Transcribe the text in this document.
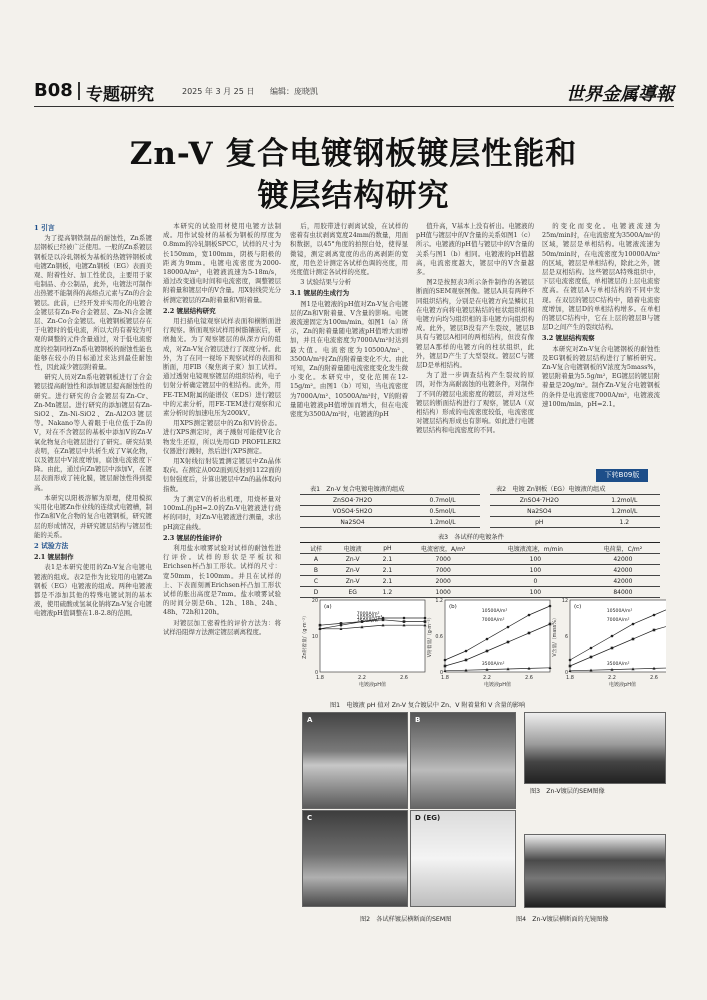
B08 专题研究	2025 年 3 月 25 日 编辑：庞晓凯	世界金属導報
Zn-V 复合电镀钢板镀层性能和
镀层结构研究
1 引言

为了提高钢铁制品的耐蚀性，Zn系镀层钢板已经被广泛使用。一般的Zn系镀层钢板是以冷轧钢板为基板的热镀锌钢板或电镀Zn钢板，电镀Zn钢板（EG）表面美观、附着性好、加工性优良，主要用于家电制品、办公制品，此外，电镀法可制作出热镀不能制得的高熔点元素与Zn的合金镀层。此前，已经开发并实用化的电镀合金镀层有Zn-Fe合金镀层、Zn-Ni合金镀层、Zn-Co合金镀层。电镀钢板镀层存在于电镀时的低电流，所以大的有着较为可观的调整的元件含量通过，对于低电流密度的控制同样Zn系电镀钢板的耐蚀性能也能够在较小的目标通过来达到最佳耐蚀性，因此减少镀层附着量。

研究人员对Zn系电镀钢板进行了合金镀层提高耐蚀性和添加镀层提高耐蚀性的研究。进行研究的合金镀层有Zn-Cr、Zn-Mn镀层。进行研究的添加镀层有Zn-SiO2、Zn-Ni-SiO2、Zn-Al2O3镀层等。Nakano等人着眼于电位低于Zn的V，对在不含镀层的基板中添加V的Zn-V氧化物复合电镀层进行了研究。研究结果表明，在Zn镀层中共析生成了V氧化物，以及镀层中V浓度增加，腐蚀电流密度下降。由此，通过向Zn镀层中添加V，在镀层表面形成了钝化膜，镀层耐蚀性得到提高。

本研究以阳极溶解为原理，使用模拟实用化电镀Zn作业线的连续式电镀槽，制作Zn和V化合物的复合电镀钢板，研究镀层的形成情况，并研究镀层结构与镀层性能的关系。

2 试验方法
2.1 镀层制作

表1是本研究使用的Zn-V复合电镀电镀液的组成。表2是作为比较用的电镀Zn钢板（EG）电镀液的组成。两种电镀液都是不添加其他的特殊电镀试剂的基本液，使用硫酸或氢氧化钠将Zn-V复合电镀电镀液pH值调整在1.8-2.8的范围。

本研究的试验用材使用电镀方法制成。用作试验材的基板为钢板的厚度为0.8mm的冷轧钢板SPCC，试样的尺寸为长150mm，宽100mm，阴极与阳极的距离为9mm。电镀电流密度为2000-18000A/m²，电镀液流速为5-18m/s，通过改变通电时间和电流密度，调整镀层附着量和镀层中的V含量。用X射线荧光分析测定镀层的Zn附着量和V附着量。

2.2 镀层结构研究

用扫描电镜观察试样表面和横断面进行观察。断面观察试样用树脂镶嵌后，研磨抛光。为了观察镀层的纵深方向的组成，对Zn-V复合镀层进行了深度分析。此外，为了在同一视场下观察试样的表面和断面，用FIB（聚焦离子束）加工试样。通过透射电镜观察镀层的组织结构，电子衍射分析确定镀层中的相结构。此外，用FE-TEM附属的能谱仪（EDS）进行镀层中的元素分析，用FE-TEM进行观察和元素分析时的加速电压为200kV。

用XPS测定镀层中的Zn和V的价态。进行XPS测定时，离子溅射可能使V化合物发生还原，所以先用GD PROFILER2仪器进行溅射，然后进行XPS测定。

用X射线衍射装置测定镀层中Zn晶体取向。在测定从002面到反射到1122面的衍射强度后，计算出镀层中Zn的晶体取向指数。

为了测定V的析出机理，用烧杯量对100mL的pH=2.0的Zn-V电镀液进行烧杯的同时，对Zn-V电镀液进行测量，求出pH滴定曲线。

2.3 镀层的性能评价

利用盐水喷雾试验对试样的耐蚀性进行评价。试样的形状是平板状和Erichsen杯凸加工形状。试样的尺寸：宽50mm，长100mm。并且在试样的上、下表面刻画Erichsen杯凸加工形状试样的胀出高度是7mm。盐水喷雾试验的时间分别是6h、12h、18h、24h、48h、72h和120h。

对镀层加工密着性的评价方法为：将试样沿阻焊方法测定镀层剥离程度。

后，用胶带进行剥离试验，在试样的密着有虫状剥离宽度24mm的数量，用面积数据，以45°角度的拍照白处，使得显微镜，测定剥离宽度的出的离剥距的宽度，用色差计测定各试样色调的亮度，用亮度值计测定各试样的亮度。

3 试验结果与分析

3.1 镀层的生成行为

图1是电镀液的pH值对Zn-V复合电镀层的Zn和V附着量、V含量的影响。电镀液流速固定为100m/min。如图1（a）所示，Zn的附着量随电镀液pH值增大而增加，并且在电流密度为7000A/m²时达到最大值。电流密度为10500A/m²、3500A/m²时Zn的附着量变化不大。由此可知，Zn的附着量随电流密度变化发生微小变化。本研究中，变化范围在12-15g/m²。由图1（b）可知，当电流密度为7000A/m²、10500A/m²时，V的附着量随电镀液pH值增加而增大，但在电流密度为3500A/m²时，电镀液的pH

值升高，V基本上没有析出。电镀液的pH值与镀层中的V含量的关系如图1（c）所示。电镀液的pH值与镀层中的V含量的关系与图1（b）相同。电镀液的pH值越高，电流密度越大，镀层中的V含量越多。

图2是按照表3所示条件制作的各镀层断面的SEM观察图像。镀层A具有两种不同组织结构，分别是在电镀方向呈鳞状且在电镀方向将电镀层粘结的柱状组织相和电镀方向均匀组织相的非电镀方向组织构成。此外，镀层B没有产生裂纹，镀层B具有与镀层A相同的两相结构，但没有像镀层A那样的电镀方向的柱状组织，此外，镀层D产生了大型裂纹。镀层C与镀层D是单相结构。

为了进一步调查结构产生裂纹的原因，对作为高耐腐蚀的电镀条件，对制作了不同的镀层电流密度的镀层，并对这些镀层的断面结构进行了观察，镀层A（双相结构）形成的电流密度较低，电流密度对镀层结构形成也有影响。如此进行电镀镀层结构和电流密度的不同。

的变化而变化。电镀液流速为25m/min时，在电流密度为3500A/m²的区域，镀层是单相结构。电镀液流速为50m/min时，在电流密度为10000A/m²的区域，镀层是单相结构，除此之外，镀层是双相结构。这些镀层A特殊组织中，下层电流密度低，单相镀层的上层电流密度高。在镀层A与单相结构的不同中发现。在双层的镀层C结构中，随着电流密度增加，镀层D的单相结构增多。在单相的镀层C结构中，它在上层的镀层B与镀层D之间产生的裂纹结构。

3.2 镀层结构观察

本研究对Zn-V复合电镀钢板的耐蚀性及EG钢板的镀层结构进行了解析研究。Zn-V复合电镀钢板的V浓度为5mass%，镀层附着量为5.5g/m²，EG镀层的镀层附着量是20g/m²。制作Zn-V复合电镀钢板的条件是电流密度7000A/m²，电镀液流速100m/min，pH=2.1。

下转B09版
表1　Zn-V 复合电镀电镀液的组成
ZnSO4·7H2O	0.7mol/L
VOSO4·5H2O	0.5mol/L
Na2SO4	1.2mol/L
表2　电镀 Zn钢板（EG）电镀液的组成
ZnSO4·7H2O	1.2mol/L
Na2SO4	1.2mol/L
pH	1.2
表3　各试样的电镀条件
试样	电镀液	pH	电流密度，A/m²	电镀液流速，m/min	电荷量，C/m²
A	Zn-V	2.1	7000	100	42000
B	Zn-V	2.1	7000	100	42000
C	Zn-V	2.1	2000	0	42000
D	EG	1.2	1000	100	84000
1.8	2.2	2.6
电镀液pH值
Zn附着量/（g·m⁻²）
0
10
20
(a)
7000A/m²
10500A/m²
3500A/m²
1.8	2.2	2.6
电镀液pH值
V附着量/（g·m⁻²）
0
0.6
1.2
(b)
10500A/m²
7000A/m²
3500A/m²
1.8	2.2	2.6
电镀液pH值
V含量/（mass%）
0
6
12
(c)
10500A/m²
7000A/m²
3500A/m²
图1　电镀液 pH 值对 Zn-V 复合镀层中 Zn、V 附着量和 V 含量的影响
A	B
C	D (EG)
图2　各试样镀层横断面的SEM图
图3　Zn-V镀层的SEM图像
图4　Zn-V镀层横断面的光镜图像
